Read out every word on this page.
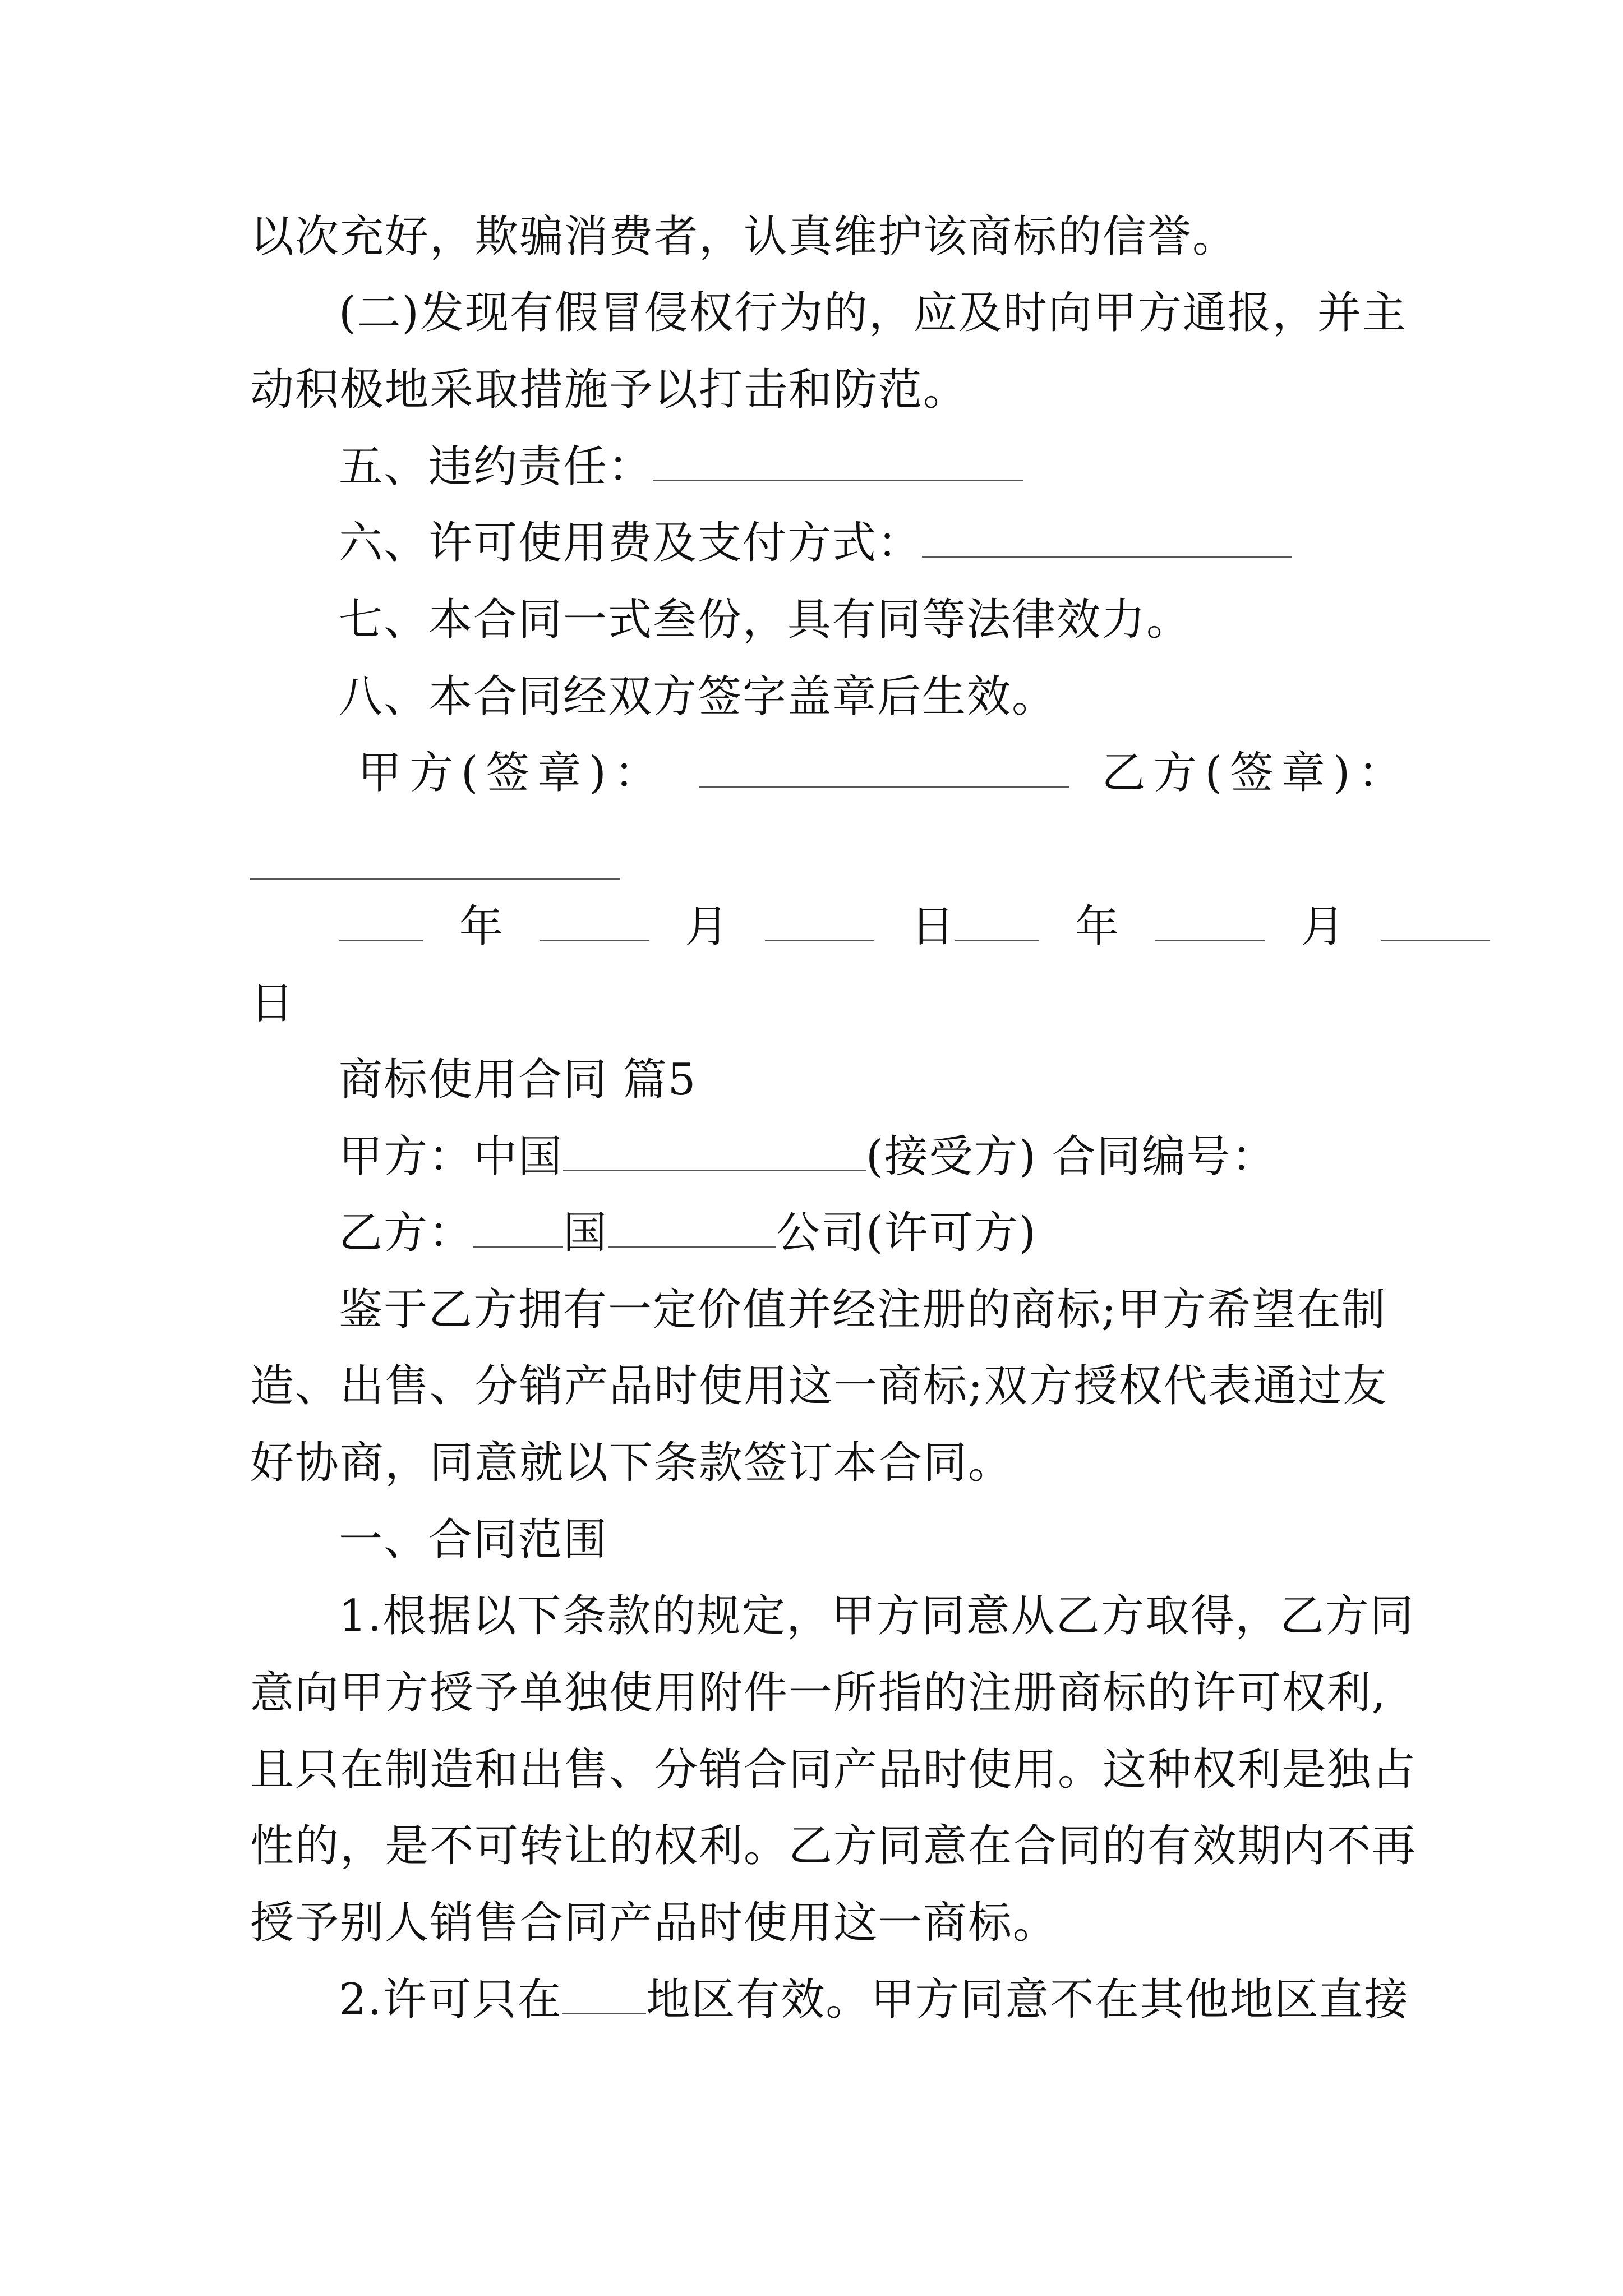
以次充好，欺骗消费者，认真维护该商标的信誉。
(二)发现有假冒侵权行为的，应及时向甲方通报，并主
动积极地采取措施予以打击和防范。
五、违约责任：
六、许可使用费及支付方式：
七、本合同一式叁份，具有同等法律效力。
八、本合同经双方签字盖章后生效。
甲方(签章)：	乙方(签章)：
年	月	日	年	月
日
商标使用合同 篇5
甲方：中国	(接受方) 合同编号：
乙方： 国	公司(许可方)
鉴于乙方拥有一定价值并经注册的商标;甲方希望在制
造、出售、分销产品时使用这一商标;双方授权代表通过友
好协商，同意就以下条款签订本合同。
一、合同范围
1.根据以下条款的规定，甲方同意从乙方取得，乙方同
意向甲方授予单独使用附件一所指的注册商标的许可权利,
且只在制造和出售、分销合同产品时使用。这种权利是独占
性的，是不可转让的权利。乙方同意在合同的有效期内不再
授予别人销售合同产品时使用这一商标。
2.许可只在 地区有效。甲方同意不在其他地区直接
